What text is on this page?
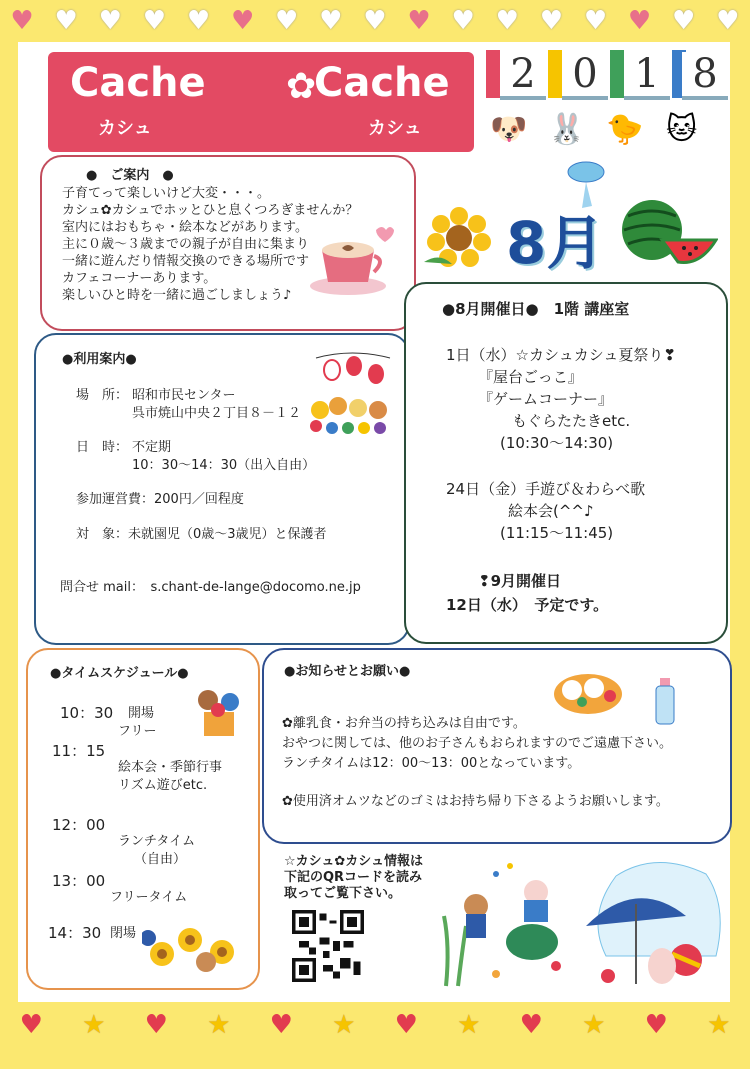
♥ ♥ ♥ ♥ ♥ ♥ ♥ ♥ ♥ ♥ ♥ ♥ ♥ ♥ ♥ ♥ ♥
Cache ✿
Cache
カシュ	カシュ
2 0 1 8
🐶 🐰 🐤 🐱
8月
●　ご案内　●
子育てって楽しいけど大変・・・。
カシュ✿カシュでホッとひと息くつろぎませんか？
室内にはおもちゃ・絵本などがあります。
主に０歳～３歳までの親子が自由に集まり
一緒に遊んだり情報交換のできる場所です
カフェコーナーあります。
楽しいひと時を一緒に過ごしましょう♪
●利用案内●
場　所： 昭和市民センター
呉市焼山中央２丁目８－１２
日　時： 不定期
10：30～14：30（出入自由）
参加運営費：200円／回程度
対　象：未就園児（0歳～3歳児）と保護者
問合せ mail：　s.chant-de-lange@docomo.ne.jp
●8月開催日●　1階 講座室
1日（水）☆カシュカシュ夏祭り❣
『屋台ごっこ』
『ゲームコーナー』
もぐらたたきetc.
(10:30～14:30)
24日（金）手遊び＆わらべ歌
絵本会(^^♪
(11:15～11:45)
❢9月開催日
12日（水）　予定です。
●タイムスケジュール●
10：30 開場
フリー
11：15
絵本会・季節行事
リズム遊びetc.
12：00
ランチタイム
（自由）
13：00
フリータイム
14：30 閉場
●お知らせとお願い●
✿離乳食・お弁当の持ち込みは自由です。
おやつに関しては、他のお子さんもおられますのでご遠慮下さい。
ランチタイムは12：00～13：00となっています。
✿使用済オムツなどのゴミはお持ち帰り下さるようお願いします。
☆カシュ✿カシュ情報は
下記のQRコードを読み
取ってご覧下さい。
♥ ★ ♥ ★ ♥ ★ ♥ ★ ♥ ★ ♥ ★
